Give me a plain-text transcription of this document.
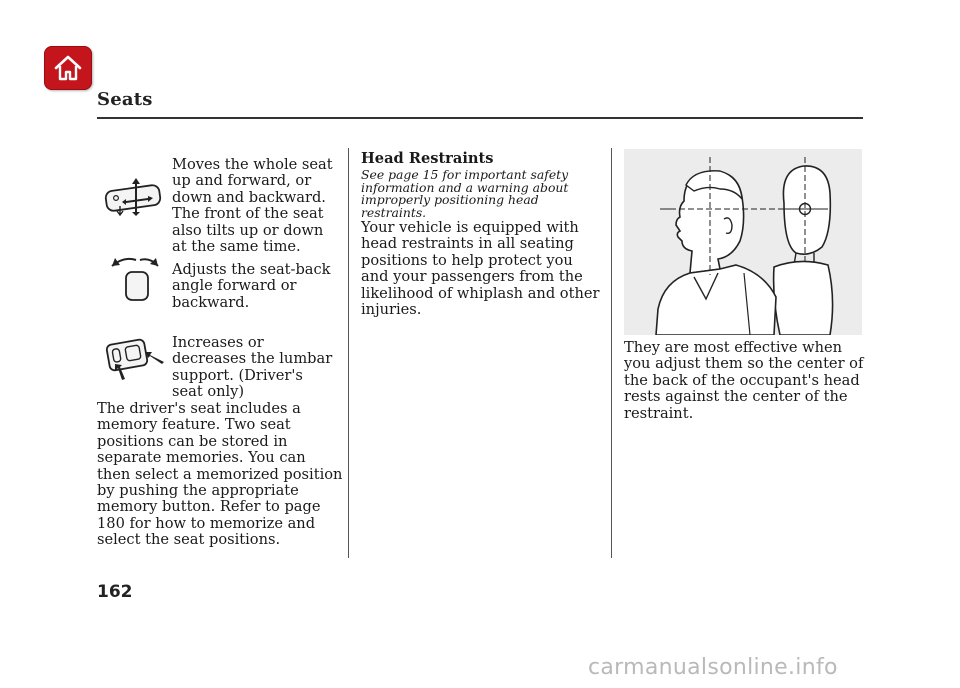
Seats
Moves the whole seat up and forward, or down and backward. The front of the seat also tilts up or down at the same time.
Adjusts the seat-back angle forward or backward.
Increases or decreases the lumbar support. (Driver's seat only)
The driver's seat includes a memory feature. Two seat positions can be stored in separate memories. You can then select a memorized position by pushing the appropriate memory button. Refer to page 180 for how to memorize and select the seat positions.
Head Restraints
See page 15 for important safety information and a warning about improperly positioning head restraints.
Your vehicle is equipped with head restraints in all seating positions to help protect you and your passengers from the likelihood of whiplash and other injuries.
They are most effective when you adjust them so the center of the back of the occupant's head rests against the center of the restraint.
162
carmanualsonline.info
